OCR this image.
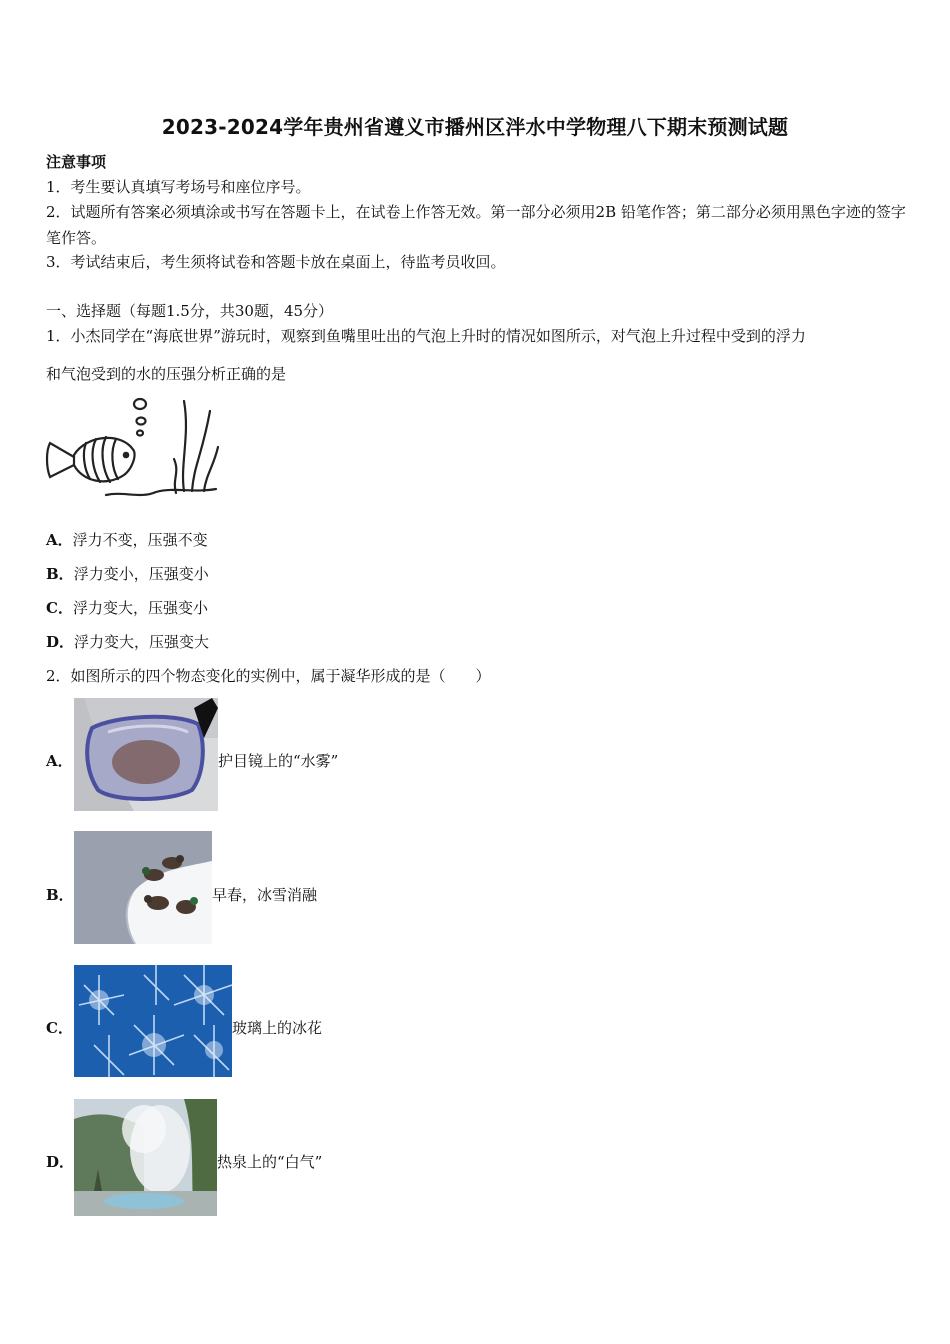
2023-2024学年贵州省遵义市播州区泮水中学物理八下期末预测试题
注意事项
1．考生要认真填写考场号和座位序号。
2．试题所有答案必须填涂或书写在答题卡上，在试卷上作答无效。第一部分必须用2B 铅笔作答；第二部分必须用黑色字迹的签字笔作答。
3．考试结束后，考生须将试卷和答题卡放在桌面上，待监考员收回。
一、选择题（每题1.5分，共30题，45分）
1．小杰同学在“海底世界”游玩时，观察到鱼嘴里吐出的气泡上升时的情况如图所示，对气泡上升过程中受到的浮力
和气泡受到的水的压强分析正确的是
A．浮力不变，压强不变
B．浮力变小，压强变小
C．浮力变大，压强变小
D．浮力变大，压强变大
2．如图所示的四个物态变化的实例中，属于凝华形成的是（　　）
A．	护目镜上的“水雾”
B．	早春，冰雪消融
C．	玻璃上的冰花
D．	热泉上的“白气”
